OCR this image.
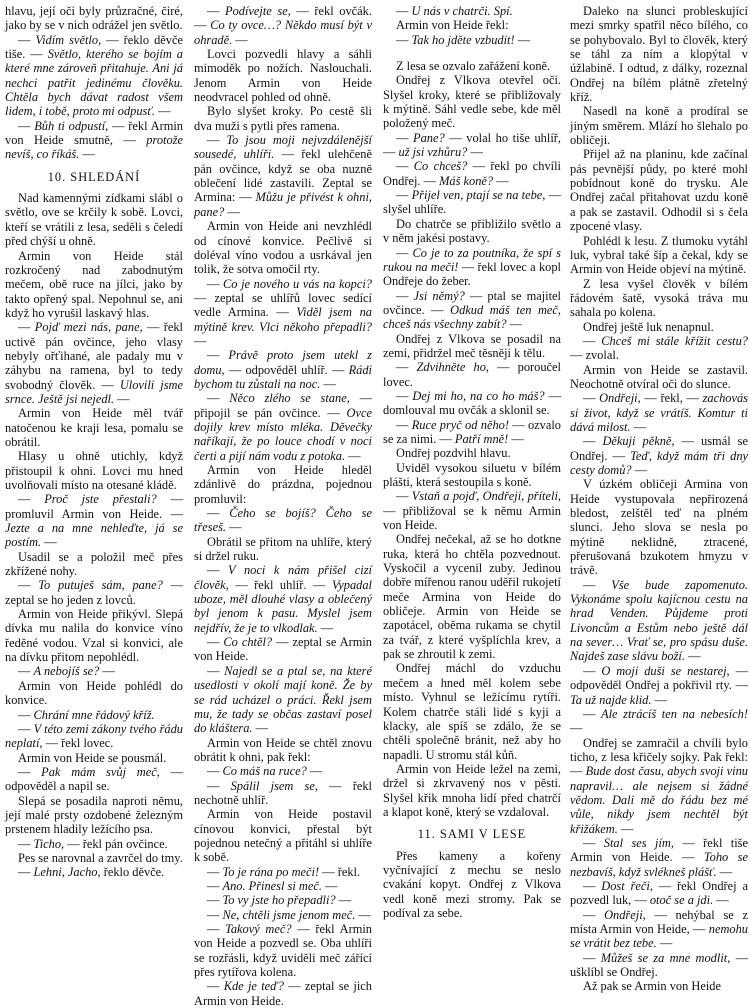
hlavu, její oči byly průzračné, čiré, jako by se v nich odrážel jen světlo.

— Vidím světlo, — řeklo děvče tiše. — Světlo, kterého se bojím a které mne zároveň přitahuje. Ani já nechci patřit jedinému člověku. Chtěla bych dávat radost všem lidem, i tobě, proto mi odpusť. —

— Bůh ti odpustí, — řekl Armin von Heide smutně, — protože nevíš, co říkáš. —

10. SHLEDÁNÍ

Nad kamennými zídkami slábl o světlo, ove se krčily k sobě. Lovci, kteří se vrátili z lesa, seděli s čeledí před chýší u ohně.

Armin von Heide stál rozkročený nad zabodnutým mečem, obě ruce na jílci, jako by takto opřený spal. Nepohnul se, ani když ho vyrušil laskavý hlas.

— Pojď mezi nás, pane, — řekl uctivě pán ovčince, jeho vlasy nebyly ořťihané, ale padaly mu v záhybu na ramena, byl to tedy svobodný člověk. — Ulovili jsme srnce. Ještě jsi nejedl. —

Armin von Heide měl tvář natočenou ke kraji lesa, pomalu se obrátil.

Hlasy u ohně utichly, když přistoupil k ohni. Lovci mu hned uvolňovali místo na otesané kládě.

— Proč jste přestali? — promluvil Armin von Heide. — Jezte a na mne nehleďte, já se postím. —

Usadil se a položil meč přes zkřížené nohy.

— To putuješ sám, pane? — zeptal se ho jeden z lovců.

Armin von Heide přikývl. Slepá dívka mu nalila do konvice víno ředěné vodou. Vzal si konvici, ale na dívku přitom nepohlédl.

— A nebojíš se? —

Armin von Heide pohlédl do konvice.

— Chrání mne řádový kříž.

— V této zemi zákony tvého řádu neplatí, — řekl lovec.

Armin von Heide se pousmál.

— Pak mám svůj meč, — odpověděl a napil se.

Slepá se posadila naproti němu, její malé prsty ozdobené železným prstenem hladily ležícího psa.

— Ticho, — řekl pán ovčince.

Pes se narovnal a zavrčel do tmy.

— Lehni, Jacho, řeklo děvče.

— Podívejte se, — řekl ovčák. — Co ty ovce…? Někdo musí být v ohradě. —

Lovci pozvedli hlavy a sáhli mimoděk po nožích. Naslouchali. Jenom Armin von Heide neodvracel pohled od ohně.

Bylo slyšet kroky. Po cestě šli dva muži s pytli přes ramena.

— To jsou moji nejvzdálenější sousedé, uhlíři. — řekl ulehčeně pán ovčince, když se oba nuzně oblečení lidé zastavili. Zeptal se Armina: — Můžu je přivést k ohni, pane? —

Armin von Heide ani nevzhlédl od cínové konvice. Pečlivě si doléval víno vodou a usrkával jen tolik, že sotva omočil rty.

— Co je nového u vás na kopci? — zeptal se uhlířů lovec sedící vedle Armina. — Viděl jsem na mýtině krev. Vlci někoho přepadli? —

— Právě proto jsem utekl z domu, — odpověděl uhlíř. — Rádi bychom tu zůstali na noc. —

— Něco zlého se stane, — připojil se pán ovčince. — Ovce dojily krev místo mléka. Děvečky naříkají, že po louce chodí v noci čerti a pijí nám vodu z potoka. —

Armin von Heide hleděl zdánlivě do prázdna, pojednou promluvil:

— Čeho se bojíš? Čeho se třeseš. —

Obrátil se přitom na uhlíře, který si držel ruku.

— V noci k nám přišel cizí člověk, — řekl uhlíř. — Vypadal uboze, měl dlouhé vlasy a oblečený byl jenom k pasu. Myslel jsem nejdřív, že je to vlkodlak. —

— Co chtěl? — zeptal se Armin von Heide.

— Najedl se a ptal se, na které usedlosti v okolí mají koně. Že by se rád ucházel o práci. Řekl jsem mu, že tady se občas zastaví posel do kláštera. —

Armin von Heide se chtěl znovu obrátit k ohni, pak řekl:

— Co máš na ruce? —

— Spálil jsem se, — řekl nechotně uhlíř.

Armin von Heide postavil cínovou konvici, přestal být pojednou netečný a přitáhl si uhlíře k sobě.

— To je rána po meči! — řekl.

— Ano. Přinesl si meč. —

— To vy jste ho přepadli? —

— Ne, chtěli jsme jenom meč. —

— Takový meč? — řekl Armin von Heide a pozvedl se. Oba uhlíři se rozřásli, když uviděli meč zářící přes rytířova kolena.

— Kde je teď? — zeptal se jich Armin von Heide.

— U nás v chatrči. Spí.

Armin von Heide řekl:

— Tak ho jděte vzbudit! —

Z lesa se ozvalo zařážení koně.

Ondřej z Vlkova otevřel oči. Slyšel kroky, které se přibližovaly k mýtině. Sáhl vedle sebe, kde měl položený meč.

— Pane? — volal ho tiše uhlíř, — už jsi vzhůru? —

— Co chceš? — řekl po chvíli Ondřej. — Máš koně? —

— Přijel ven, ptají se na tebe, — slyšel uhlíře.

Do chatrče se přibližilo světlo a v něm jakési postavy.

— Co je to za poutníka, že spí s rukou na meči! — řekl lovec a kopl Ondřeje do žeber.

— Jsi němý? — ptal se majitel ovčince. — Odkud máš ten meč, chceš nás všechny zabít? —

Ondřej z Vlkova se posadil na zemi, přidržel meč těsněji k tělu.

— Zdvihněte ho, — poroučel lovec.

— Dej mi ho, na co ho máš? — domlouval mu ovčák a sklonil se.

— Ruce pryč od něho! — ozvalo se za nimi. — Patří mně! —

Ondřej pozdvihl hlavu.

Uviděl vysokou siluetu v bílém plášti, která sestoupila s koně.

— Vstaň a pojď, Ondřeji, příteli, — přibližoval se k němu Armin von Heide.

Ondřej nečekal, až se ho dotkne ruka, která ho chtěla pozvednout. Vyskočil a vycenil zuby. Jedinou dobře mířenou ranou uděřil rukojetí meče Armina von Heide do obličeje. Armin von Heide se zapotácel, oběma rukama se chytil za tvář, z které vyšplíchla krev, a pak se zhroutil k zemi.

Ondřej máchl do vzduchu mečem a hned měl kolem sebe místo. Vyhnul se ležícímu rytíři. Kolem chatrče stáli lidé s kyji a klacky, ale spíš se zdálo, že se chtěli společně bránit, než aby ho napadli. U stromu stál kůň.

Armin von Heide ležel na zemi, držel si zkrvavený nos v pěsti. Slyšel křik mnoha lidí před chatrčí a klapot koně, který se vzdaloval.

11. SAMI V LESE

Přes kameny a kořeny vyčnívající z mechu se neslo cvakání kopyt. Ondřej z Vlkova vedl koně mezi stromy. Pak se podíval za sebe.

Daleko na slunci probleskující mezi smrky spatřil něco bílého, co se pohybovalo. Byl to člověk, který se táhl za ním a klopýtal v úžlabině. I odtud, z dálky, rozeznal Ondřej na bílém plátně zřetelný kříž.

Nasedl na koně a prodíral se jiným směrem. Mlází ho šlehalo po obličeji.

Přijel až na planinu, kde začínal pás pevnější půdy, po které mohl pobídnout koně do trysku. Ale Ondřej začal přitahovat uzdu koně a pak se zastavil. Odhodil si s čela zpocené vlasy.

Pohlédl k lesu. Z tlumoku vytáhl luk, vybral také šíp a čekal, kdy se Armin von Heide objeví na mýtině.

Z lesa vyšel člověk v bílém řádovém šatě, vysoká tráva mu sahala po kolena.

Ondřej ještě luk nenapnul.

— Chceš mi stále křížit cestu? — zvolal.

Armin von Heide se zastavil. Neochotně otvíral oči do slunce.

— Ondřeji, — řekl, — zachovás si život, když se vrátíš. Komtur ti dává milost. —

— Děkuji pěkně, — usmál se Ondřej. — Teď, když mám tři dny cesty domů? —

V úzkém obličeji Armina von Heide vystupovala nepřirozená bledost, zelštěl teď na plném slunci. Jeho slova se nesla po mýtině neklidně, ztracené, přerušovaná bzukotem hmyzu v trávě.

— Vše bude zapomenuto. Vykonáme spolu kajícnou cestu na hrad Venden. Půjdeme proti Livoncům a Estům nebo ještě dál na sever… Vrať se, pro spásu duše. Najdeš zase slávu boží. —

— O moji duši se nestarej, — odpověděl Ondřej a pokřivil rty. — Ta už najde klid. —

— Ale ztrácíš ten na nebesích! —

Ondřej se zamračil a chvíli bylo ticho, z lesa křičely sojky. Pak řekl: — Bude dost času, abych svoji vinu napravil… ale nejsem si žádné vědom. Dali mě do řádu bez mé vůle, nikdy jsem nechtěl být křižákem. —

— Stal ses jím, — řekl tiše Armin von Heide. — Toho se nezbavíš, když svlékneš plášť. —

— Dost řeči, — řekl Ondřej a pozvedl luk, — otoč se a jdi. —

— Ondřeji, — nehýbal se z místa Armin von Heide, — nemohu se vrátit bez tebe. —

— Můžeš se za mne modlit, — ušklíbl se Ondřej.

Až pak se Armin von Heide
